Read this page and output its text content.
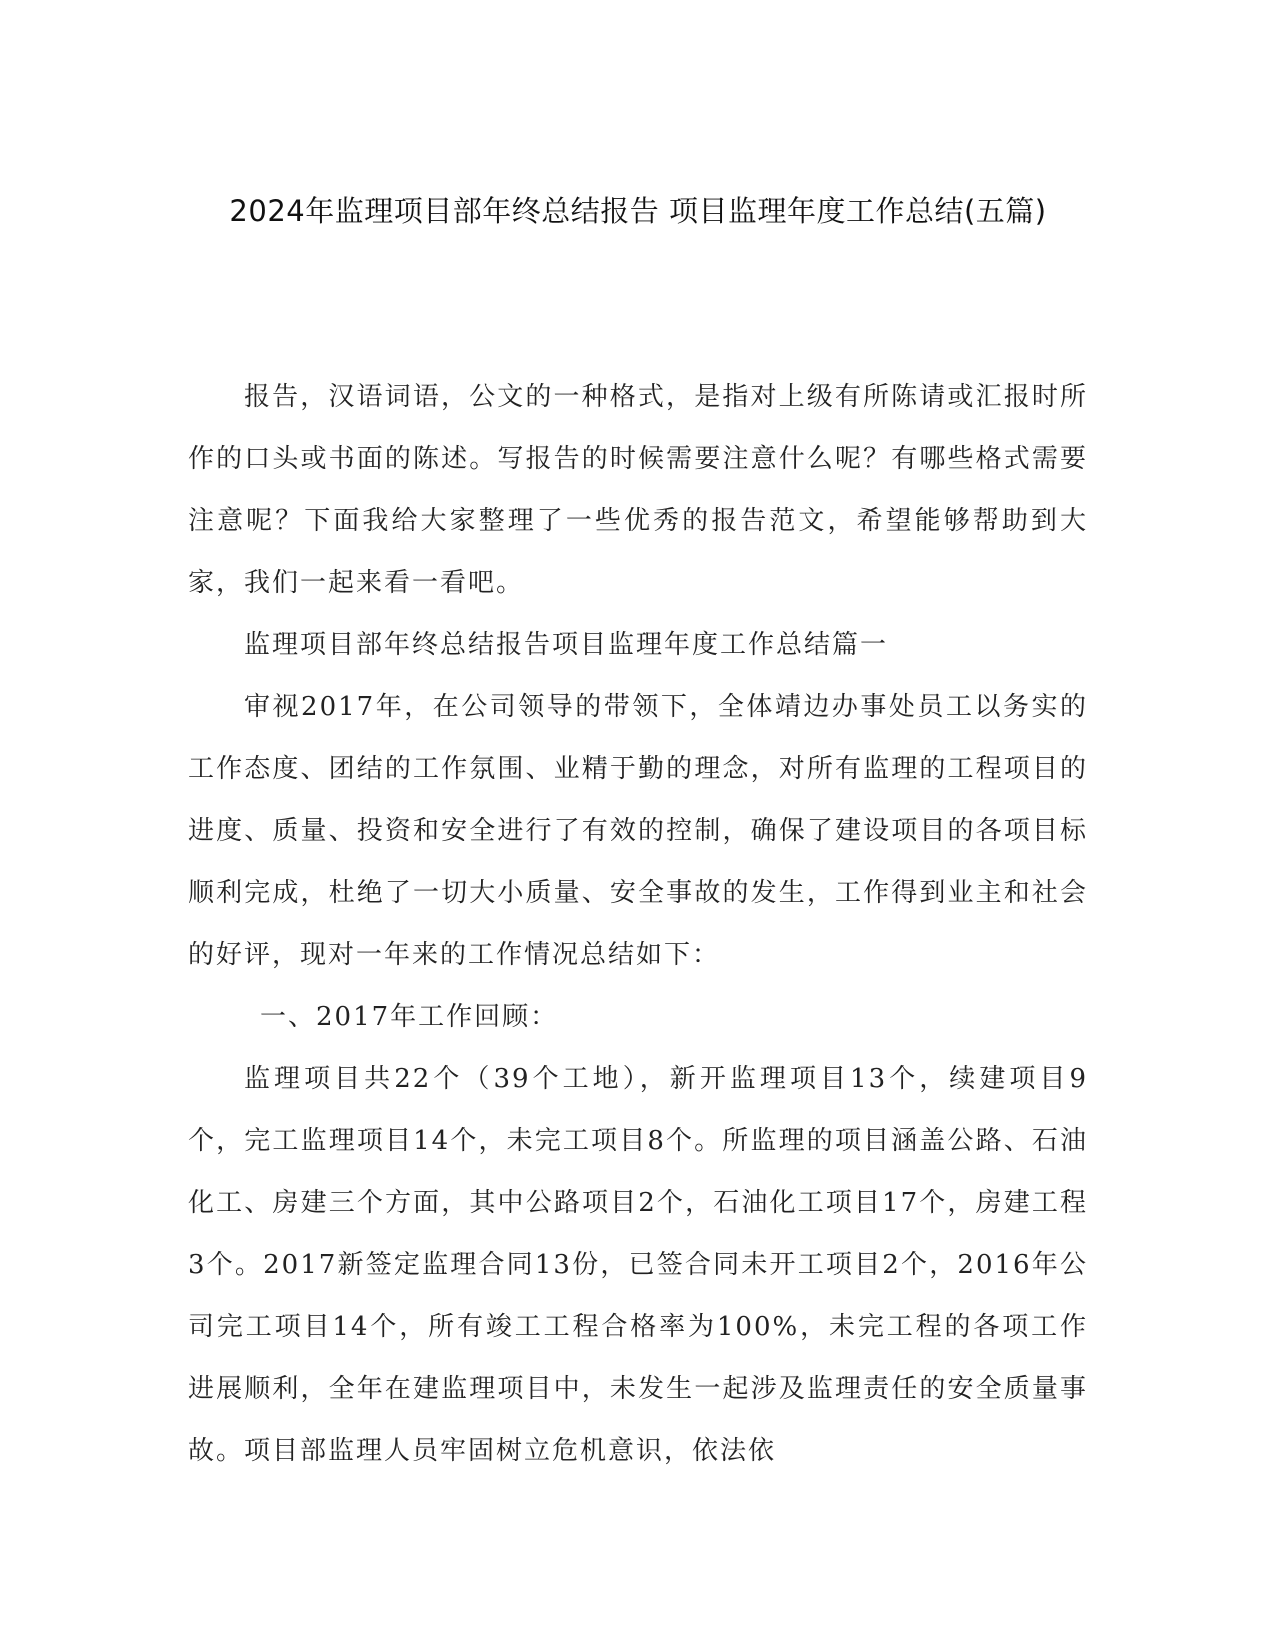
2024年监理项目部年终总结报告 项目监理年度工作总结(五篇)

报告，汉语词语，公文的一种格式，是指对上级有所陈请或汇报时所作的口头或书面的陈述。写报告的时候需要注意什么呢？有哪些格式需要注意呢？下面我给大家整理了一些优秀的报告范文，希望能够帮助到大家，我们一起来看一看吧。

监理项目部年终总结报告项目监理年度工作总结篇一

审视2017年，在公司领导的带领下，全体靖边办事处员工以务实的工作态度、团结的工作氛围、业精于勤的理念，对所有监理的工程项目的进度、质量、投资和安全进行了有效的控制，确保了建设项目的各项目标顺利完成，杜绝了一切大小质量、安全事故的发生，工作得到业主和社会的好评，现对一年来的工作情况总结如下：

一、2017年工作回顾：

监理项目共22个（39个工地），新开监理项目13个，续建项目9个，完工监理项目14个，未完工项目8个。所监理的项目涵盖公路、石油化工、房建三个方面，其中公路项目2个，石油化工项目17个，房建工程3个。2017新签定监理合同13份，已签合同未开工项目2个，2016年公司完工项目14个，所有竣工工程合格率为100%，未完工程的各项工作进展顺利，全年在建监理项目中，未发生一起涉及监理责任的安全质量事故。项目部监理人员牢固树立危机意识，依法依
